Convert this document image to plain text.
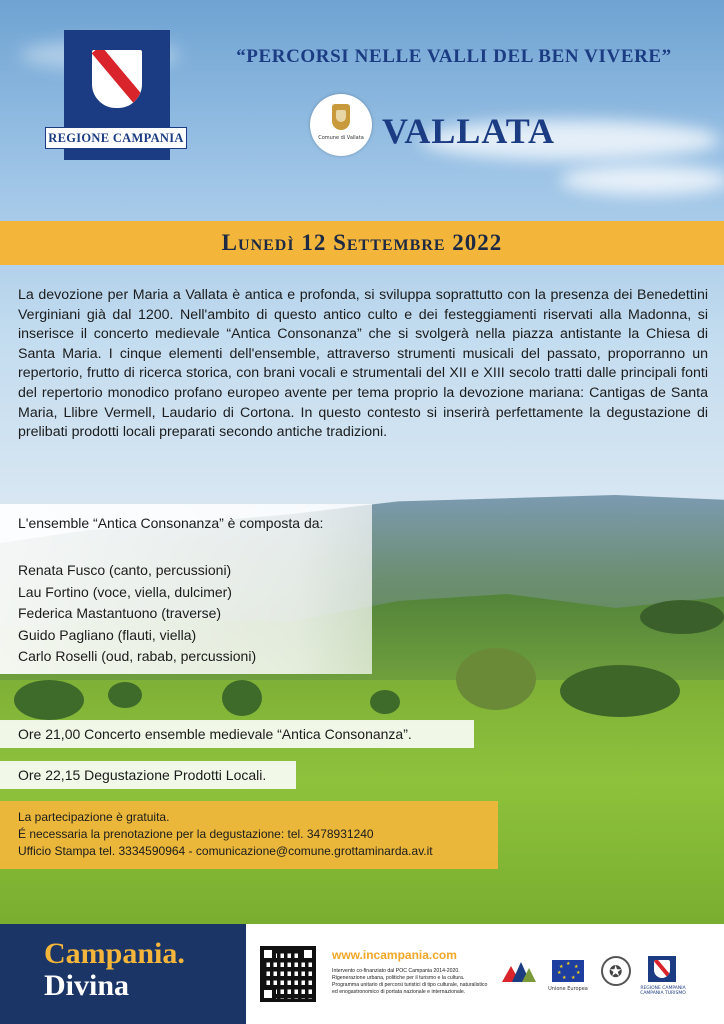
REGIONE CAMPANIA
“PERCORSI NELLE VALLI DEL BEN VIVERE”
Comune di Vallata VALLATA
Lunedì 12 Settembre 2022

La devozione per Maria a Vallata è antica e profonda, si sviluppa soprattutto con la presenza dei Benedettini Verginiani già dal 1200. Nell'ambito di questo antico culto e dei festeggiamenti riservati alla Madonna, si inserisce il concerto medievale “Antica Consonanza” che si svolgerà nella piazza antistante la Chiesa di Santa Maria. I cinque elementi dell'ensemble, attraverso strumenti musicali del passato, proporranno un repertorio, frutto di ricerca storica, con brani vocali e strumentali del XII e XIII secolo tratti dalle principali fonti del repertorio monodico profano europeo avente per tema proprio la devozione mariana: Cantigas de Santa Maria, Llibre Vermell, Laudario di Cortona. In questo contesto si inserirà perfettamente la degustazione di prelibati prodotti locali preparati secondo antiche tradizioni.

L'ensemble “Antica Consonanza” è composta da:
Renata Fusco (canto, percussioni)
Lau Fortino (voce, viella, dulcimer)
Federica Mastantuono (traverse)
Guido Pagliano (flauti, viella)
Carlo Roselli (oud, rabab, percussioni)
Ore 21,00 Concerto ensemble medievale “Antica Consonanza”.
Ore 22,15 Degustazione Prodotti Locali.
La partecipazione è gratuita.
É necessaria la prenotazione per la degustazione: tel. 3478931240
Ufficio Stampa tel. 3334590964 - comunicazione@comune.grottaminarda.av.it
Campania.
Divina
www.incampania.com
Intervento co-finanziato dal POC Campania 2014-2020. Rigenerazione urbana, politiche per il turismo e la cultura. Programma unitario di percorsi turistici di tipo culturale, naturalistico ed enogastronomico di portata nazionale e internazionale.
★ ★
★
★
★
★
★
Unione Europea
✪
REGIONE CAMPANIA CAMPANIA TURISMO
